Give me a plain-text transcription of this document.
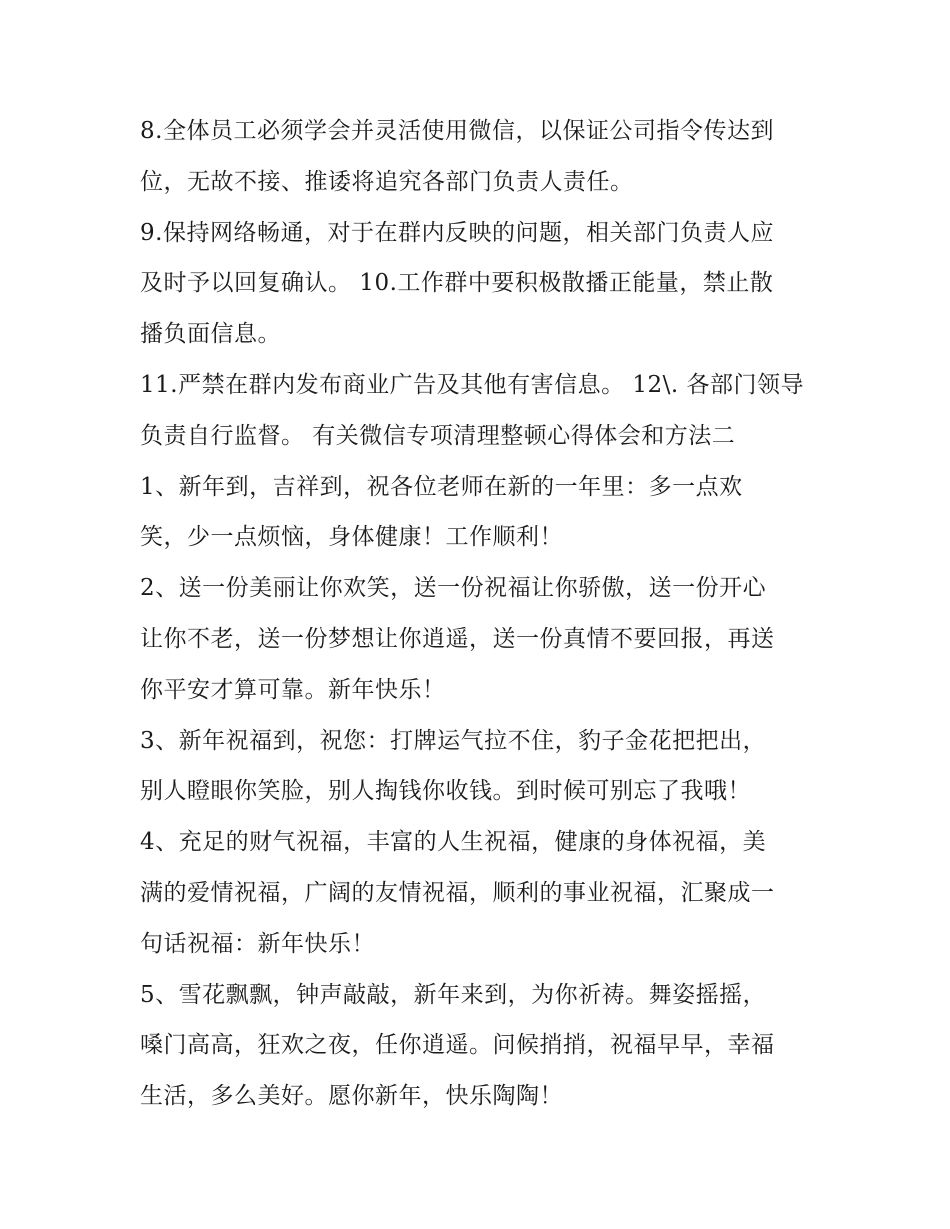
8.全体员工必须学会并灵活使用微信，以保证公司指令传达到
位，无故不接、推诿将追究各部门负责人责任。
9.保持网络畅通，对于在群内反映的问题，相关部门负责人应
及时予以回复确认。 10.工作群中要积极散播正能量，禁止散
播负面信息。
11.严禁在群内发布商业广告及其他有害信息。 12\. 各部门领导
负责自行监督。 有关微信专项清理整顿心得体会和方法二
1、新年到，吉祥到，祝各位老师在新的一年里：多一点欢
笑，少一点烦恼，身体健康！工作顺利！
2、送一份美丽让你欢笑，送一份祝福让你骄傲，送一份开心
让你不老，送一份梦想让你逍遥，送一份真情不要回报，再送
你平安才算可靠。新年快乐！
3、新年祝福到，祝您：打牌运气拉不住，豹子金花把把出，
别人瞪眼你笑脸，别人掏钱你收钱。到时候可别忘了我哦！
4、充足的财气祝福，丰富的人生祝福，健康的身体祝福，美
满的爱情祝福，广阔的友情祝福，顺利的事业祝福，汇聚成一
句话祝福：新年快乐！
5、雪花飘飘，钟声敲敲，新年来到，为你祈祷。舞姿摇摇，
嗓门高高，狂欢之夜，任你逍遥。问候捎捎，祝福早早，幸福
生活，多么美好。愿你新年，快乐陶陶！
